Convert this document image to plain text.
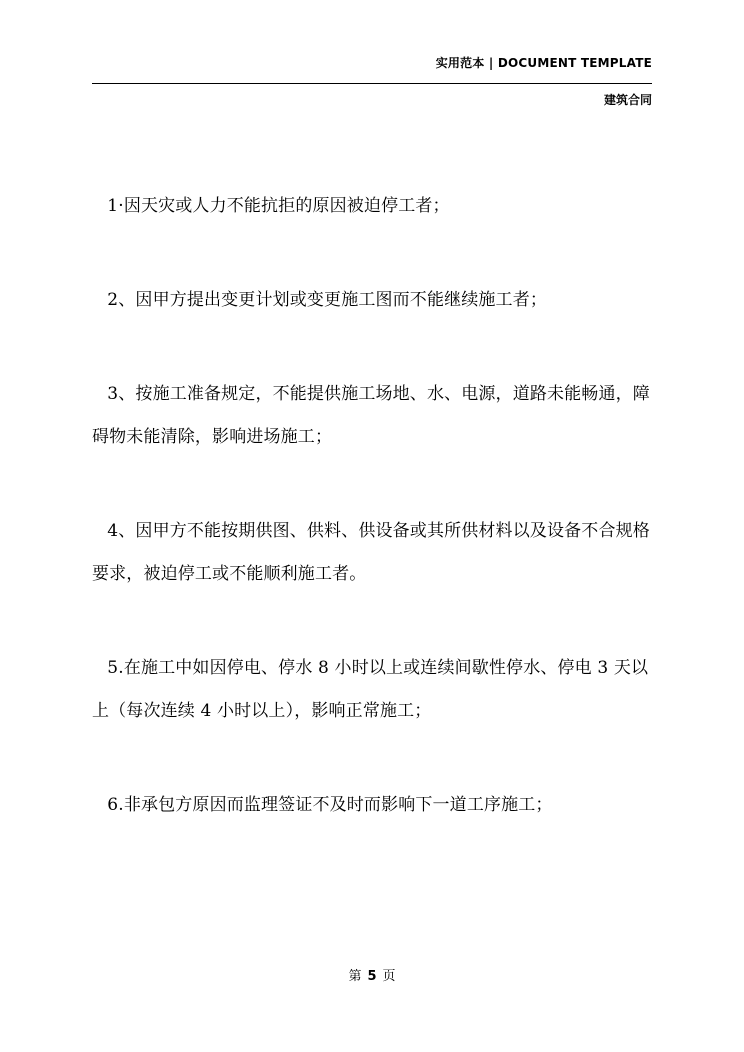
实用范本 | DOCUMENT TEMPLATE
建筑合同

1·因天灾或人力不能抗拒的原因被迫停工者；

2、因甲方提出变更计划或变更施工图而不能继续施工者；

3、按施工准备规定，不能提供施工场地、水、电源，道路未能畅通，障碍物未能清除，影响进场施工；

4、因甲方不能按期供图、供料、供设备或其所供材料以及设备不合规格要求，被迫停工或不能顺利施工者。

5.在施工中如因停电、停水 8 小时以上或连续间歇性停水、停电 3 天以上（每次连续 4 小时以上），影响正常施工；

6.非承包方原因而监理签证不及时而影响下一道工序施工；

第 5 页
